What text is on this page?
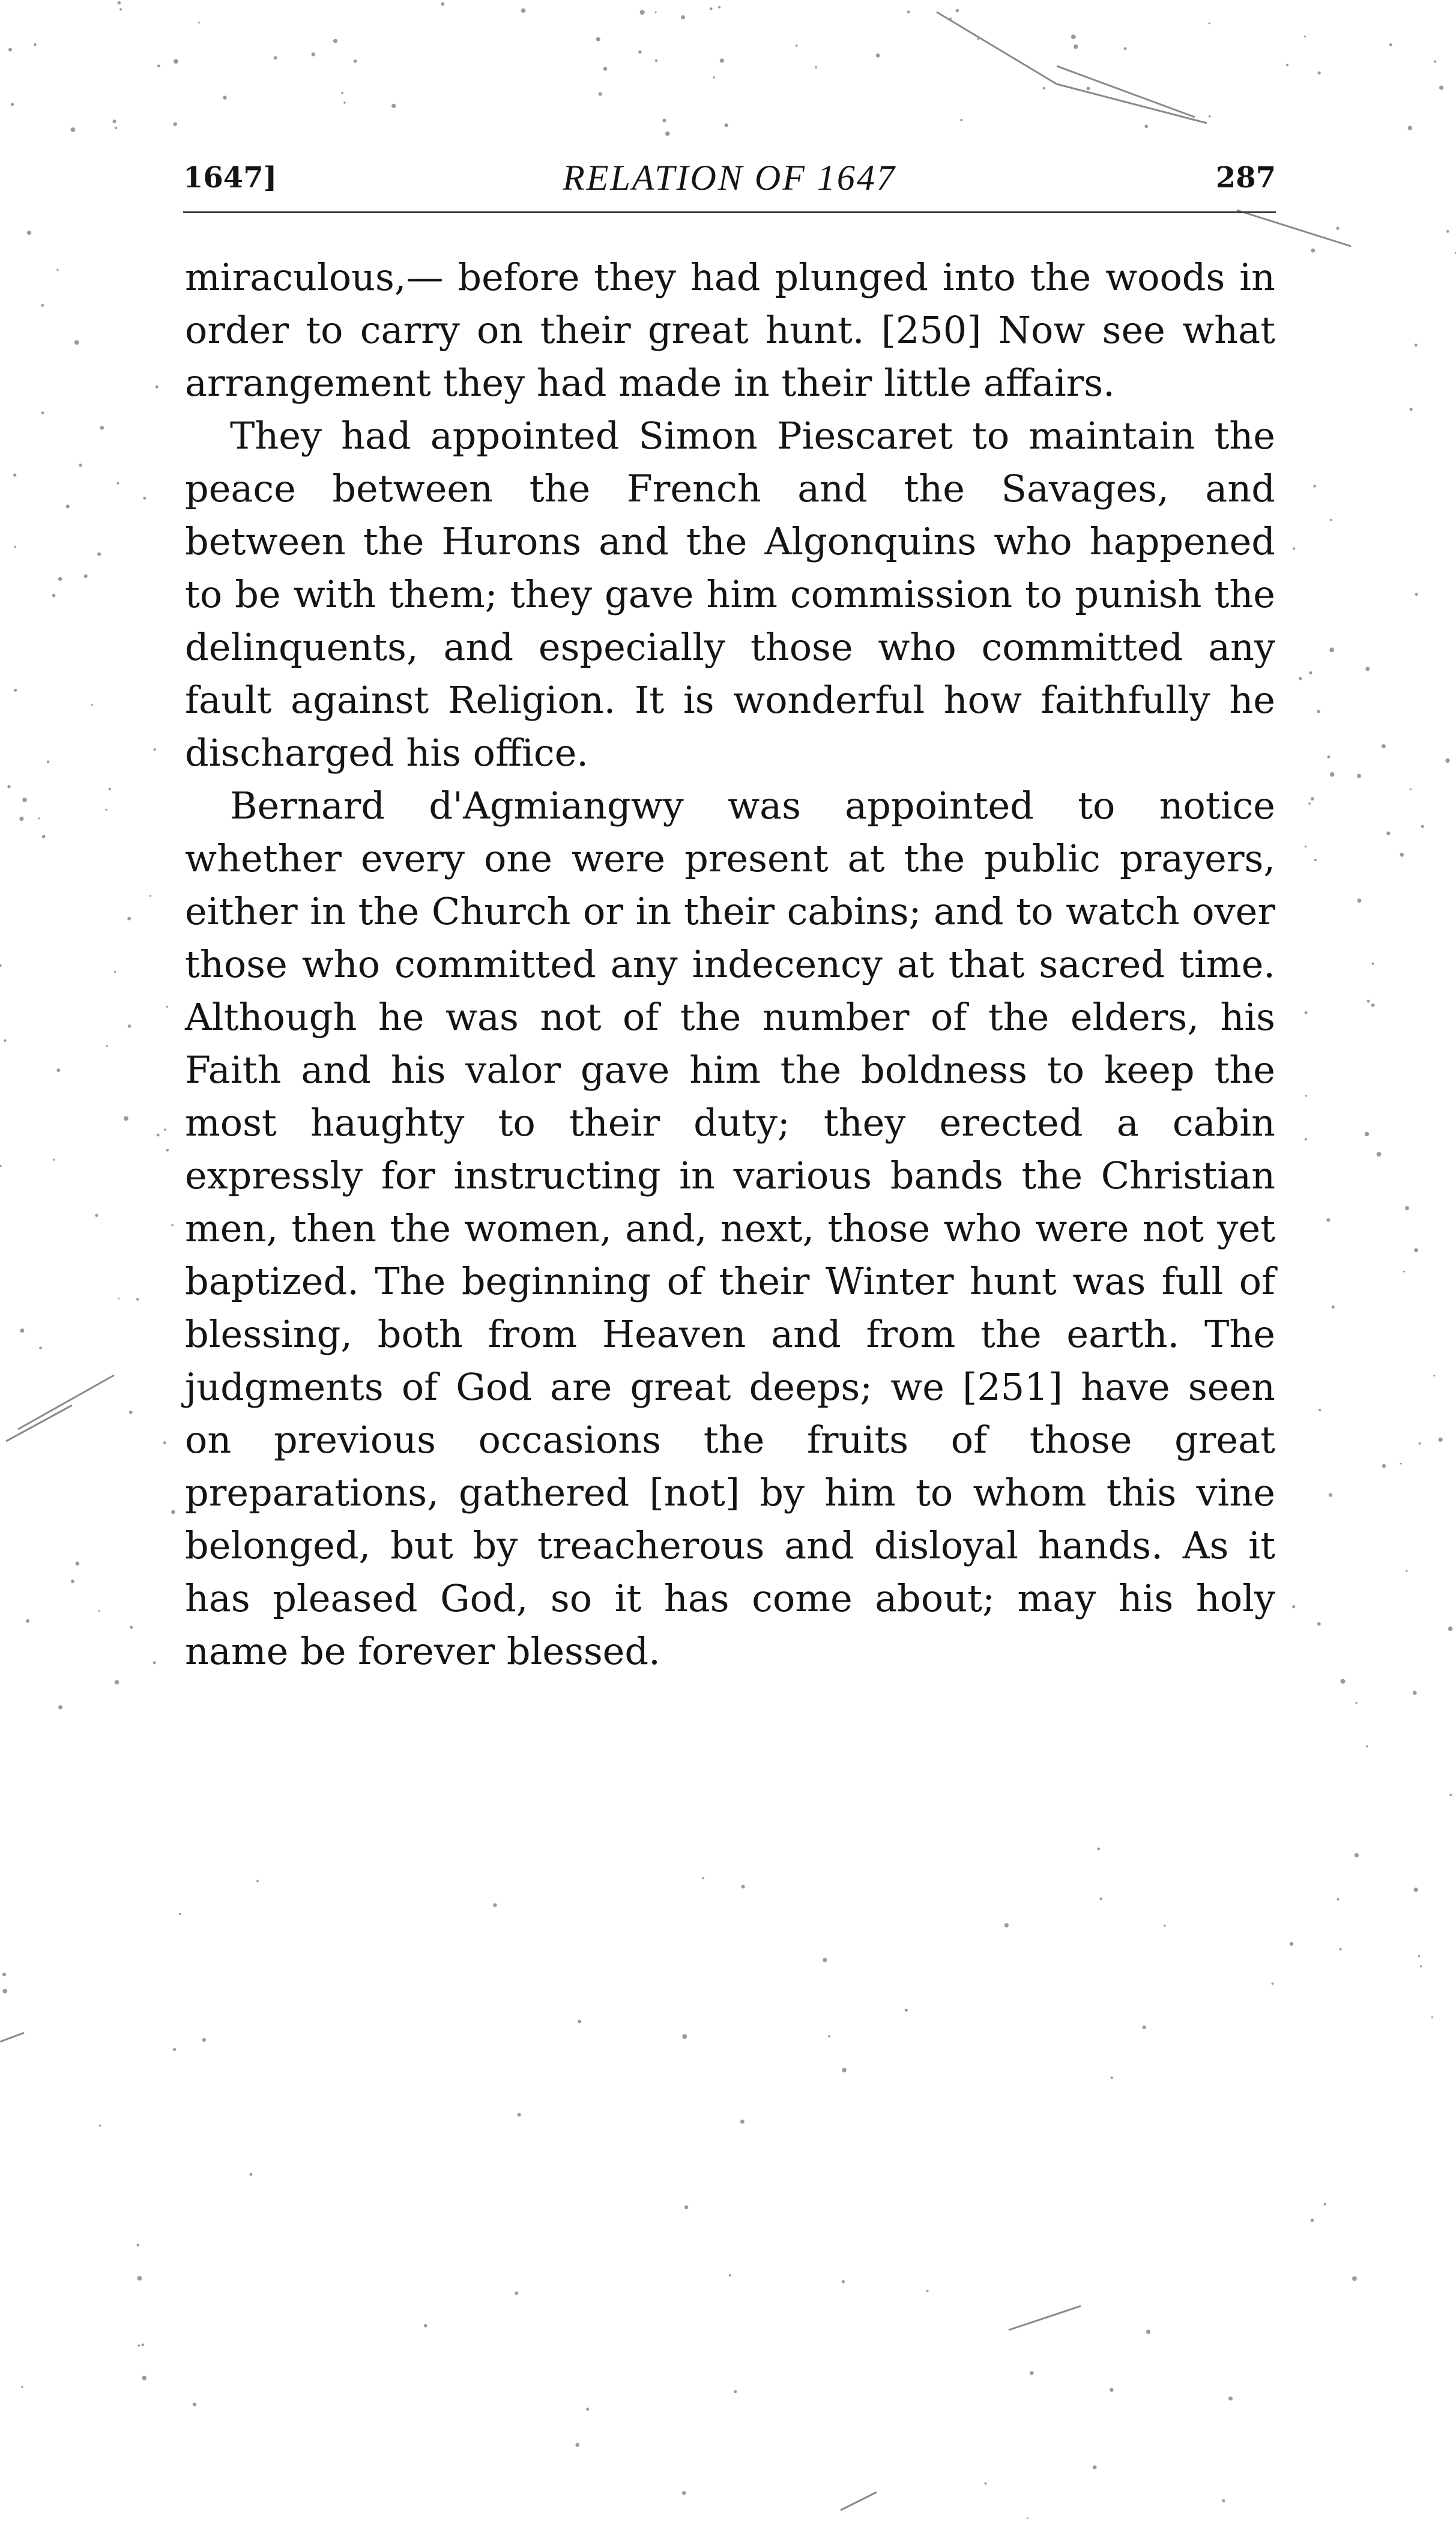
1647]	RELATION OF 1647	287

miraculous,— before they had plunged into the woods in order to carry on their great hunt. [250] Now see what arrangement they had made in their little affairs.

They had appointed Simon Piescaret to maintain the peace between the French and the Savages, and between the Hurons and the Algonquins who happened to be with them; they gave him commission to punish the delinquents, and especially those who committed any fault against Religion. It is wonderful how faithfully he discharged his office.

Bernard d'Agmiangwy was appointed to notice whether every one were present at the public prayers, either in the Church or in their cabins; and to watch over those who committed any indecency at that sacred time. Although he was not of the number of the elders, his Faith and his valor gave him the boldness to keep the most haughty to their duty; they erected a cabin expressly for instructing in various bands the Christian men, then the women, and, next, those who were not yet baptized. The beginning of their Winter hunt was full of blessing, both from Heaven and from the earth. The judgments of God are great deeps; we [251] have seen on previous occasions the fruits of those great preparations, gathered [not] by him to whom this vine belonged, but by treacherous and disloyal hands. As it has pleased God, so it has come about; may his holy name be forever blessed.
